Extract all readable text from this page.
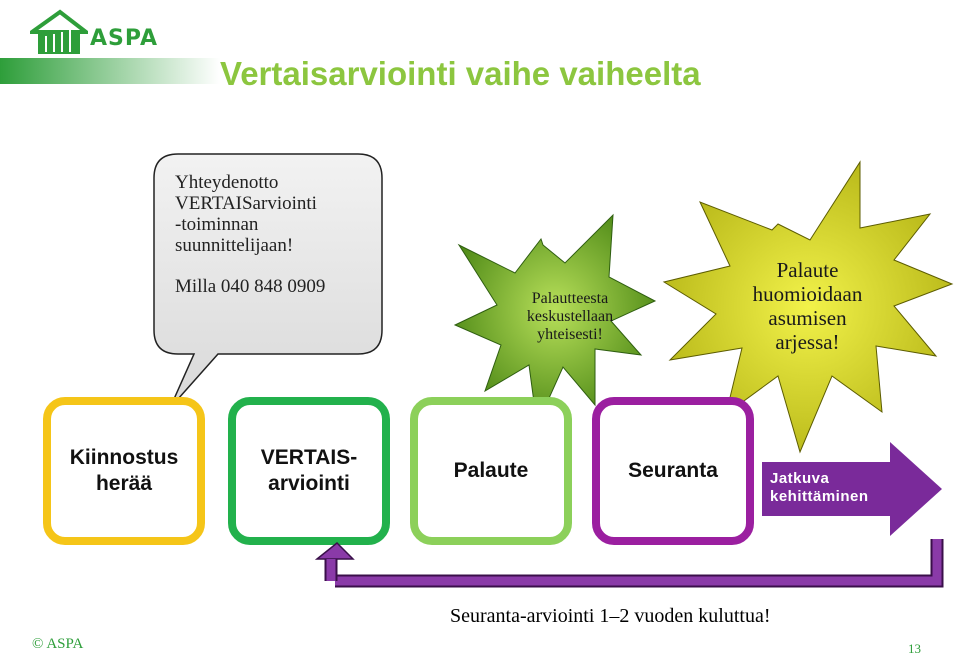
ASPA
Vertaisarviointi vaihe vaiheelta
Yhteydenotto
VERTAISarviointi
-toiminnan
suunnittelijaan!
Milla 040 848 0909
Palautteesta
keskustellaan
yhteisesti!
Palaute
huomioidaan
asumisen
arjessa!
Kiinnostus
herää
VERTAIS-
arviointi
Palaute	Seuranta	Jatkuva
kehittäminen
Seuranta-arviointi 1–2 vuoden kuluttua!
© ASPA	13
